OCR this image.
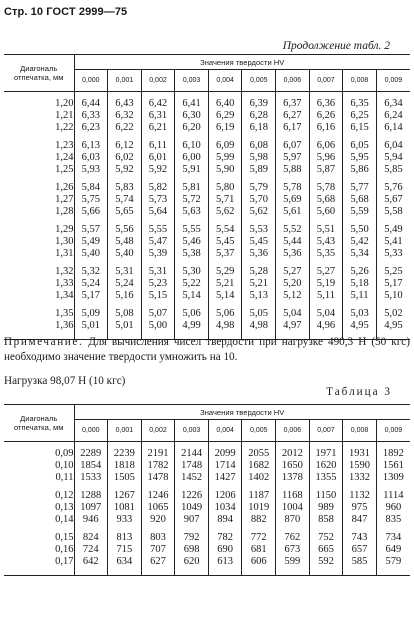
Стр. 10 ГОСТ 2999—75
Продолжение табл. 2
Диагональ
отпечатка, мм	Значения твердости HV									
	0,000	0,001	0,002	0,003	0,004	0,005	0,006	0,007	0,008	0,009

1,20	6,44	6,43	6,42	6,41	6,40	6,39	6,37	6,36	6,35	6,34
1,21	6,33	6,32	6,31	6,30	6,29	6,28	6,27	6,26	6,25	6,24
1,22	6,23	6,22	6,21	6,20	6,19	6,18	6,17	6,16	6,15	6,14

1,23	6,13	6,12	6,11	6,10	6,09	6,08	6,07	6,06	6,05	6,04
1,24	6,03	6,02	6,01	6,00	5,99	5,98	5,97	5,96	5,95	5,94
1,25	5,93	5,92	5,92	5,91	5,90	5,89	5,88	5,87	5,86	5,85

1,26	5,84	5,83	5,82	5,81	5,80	5,79	5,78	5,78	5,77	5,76
1,27	5,75	5,74	5,73	5,72	5,71	5,70	5,69	5,68	5,68	5,67
1,28	5,66	5,65	5,64	5,63	5,62	5,62	5,61	5,60	5,59	5,58

1,29	5,57	5,56	5,55	5,55	5,54	5,53	5,52	5,51	5,50	5,49
1,30	5,49	5,48	5,47	5,46	5,45	5,45	5,44	5,43	5,42	5,41
1,31	5,40	5,40	5,39	5,38	5,37	5,36	5,36	5,35	5,34	5,33

1,32	5,32	5,31	5,31	5,30	5,29	5,28	5,27	5,27	5,26	5,25
1,33	5,24	5,24	5,23	5,22	5,21	5,21	5,20	5,19	5,18	5,17
1,34	5,17	5,16	5,15	5,14	5,14	5,13	5,12	5,11	5,11	5,10

1,35	5,09	5,08	5,07	5,06	5,06	5,05	5,04	5,04	5,03	5,02
1,36	5,01	5,01	5,00	4,99	4,98	4,98	4,97	4,96	4,95	4,95

Примечание. Для вычисления чисел твердости при нагрузке 490,3 Н (50 кгс) необходимо значение твердости умножить на 10.
Нагрузка 98,07 Н (10 кгс)
Таблица 3
Диагональ
отпечатка, мм	Значения твердости HV									
	0,000	0,001	0,002	0,003	0,004	0,005	0,006	0,007	0,008	0,009

0,09	2289	2239	2191	2144	2099	2055	2012	1971	1931	1892
0,10	1854	1818	1782	1748	1714	1682	1650	1620	1590	1561
0,11	1533	1505	1478	1452	1427	1402	1378	1355	1332	1309

0,12	1288	1267	1246	1226	1206	1187	1168	1150	1132	1114
0,13	1097	1081	1065	1049	1034	1019	1004	989	975	960
0,14	946	933	920	907	894	882	870	858	847	835

0,15	824	813	803	792	782	772	762	752	743	734
0,16	724	715	707	698	690	681	673	665	657	649
0,17	642	634	627	620	613	606	599	592	585	579
